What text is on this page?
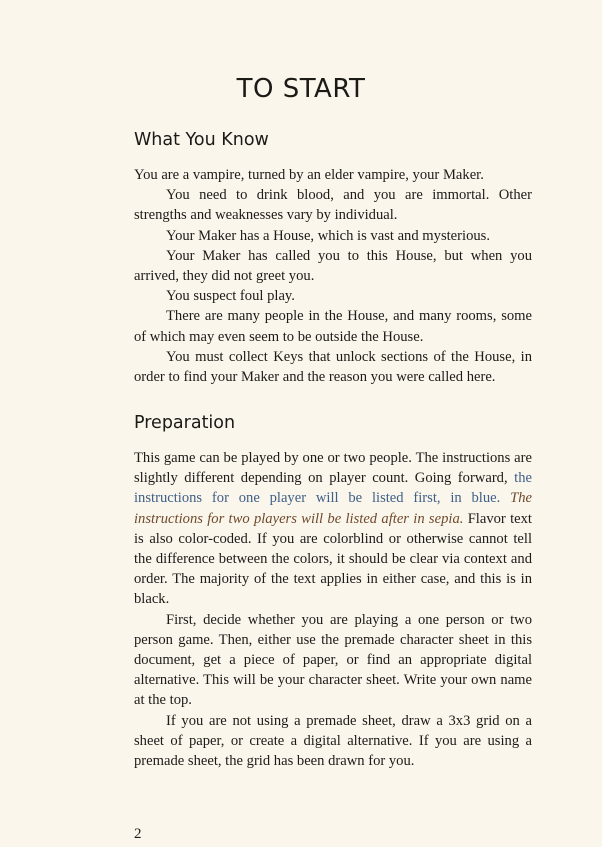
TO START
What You Know

You are a vampire, turned by an elder vampire, your Maker.

You need to drink blood, and you are immortal. Other strengths and weaknesses vary by individual.

Your Maker has a House, which is vast and mysterious.

Your Maker has called you to this House, but when you arrived, they did not greet you.

You suspect foul play.

There are many people in the House, and many rooms, some of which may even seem to be outside the House.

You must collect Keys that unlock sections of the House, in order to find your Maker and the reason you were called here.

Preparation

This game can be played by one or two people. The instructions are slightly different depending on player count. Going forward, the instructions for one player will be listed first, in blue. The instructions for two players will be listed after in sepia. Flavor text is also color-coded. If you are colorblind or otherwise cannot tell the difference between the colors, it should be clear via context and order. The majority of the text applies in either case, and this is in black.

First, decide whether you are playing a one person or two person game. Then, either use the premade character sheet in this document, get a piece of paper, or find an appropriate digital alternative. This will be your character sheet. Write your own name at the top.

If you are not using a premade sheet, draw a 3x3 grid on a sheet of paper, or create a digital alternative. If you are using a premade sheet, the grid has been drawn for you.

2
